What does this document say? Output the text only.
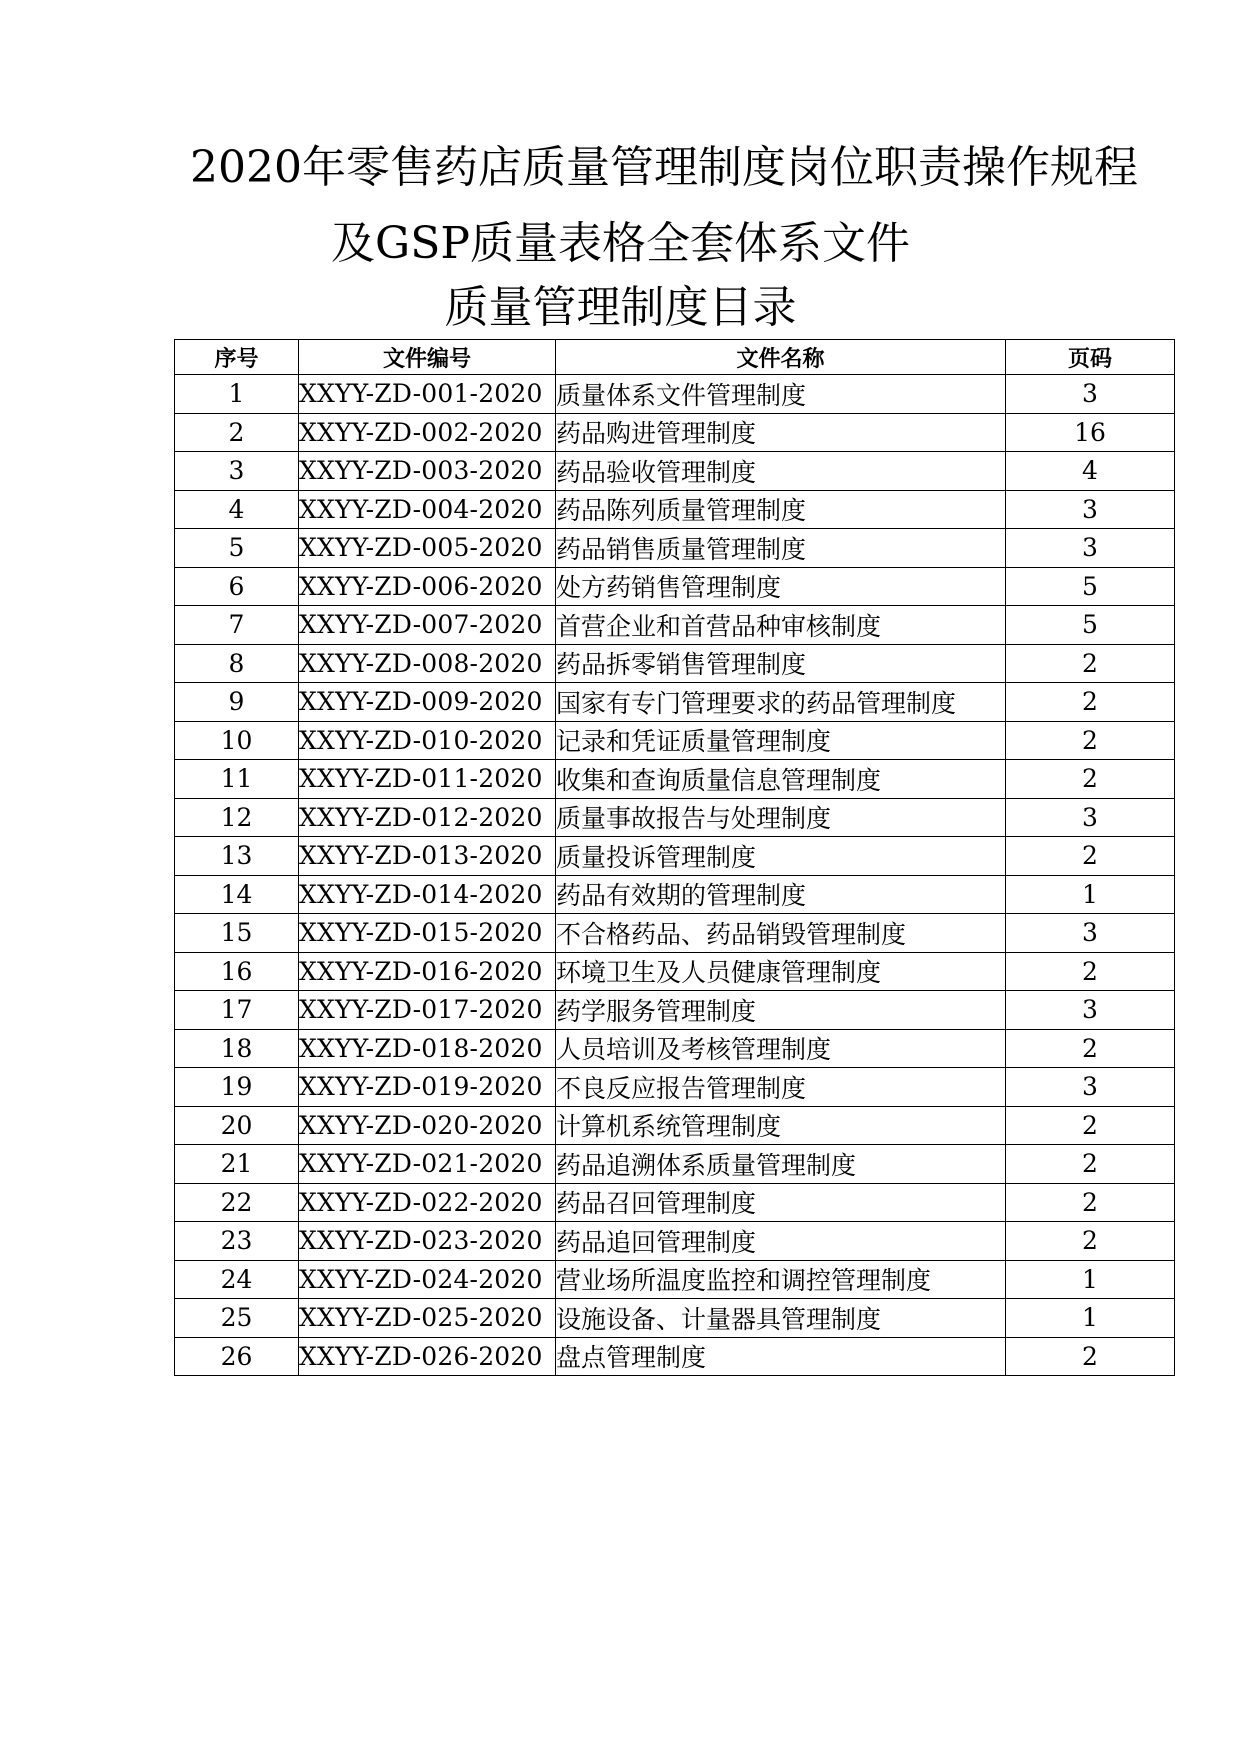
2020年零售药店质量管理制度岗位职责操作规程
及GSP质量表格全套体系文件
质量管理制度目录
序号	文件编号	文件名称	页码
1	XXYY-ZD-001-2020	质量体系文件管理制度	3
2	XXYY-ZD-002-2020	药品购进管理制度	16
3	XXYY-ZD-003-2020	药品验收管理制度	4
4	XXYY-ZD-004-2020	药品陈列质量管理制度	3
5	XXYY-ZD-005-2020	药品销售质量管理制度	3
6	XXYY-ZD-006-2020	处方药销售管理制度	5
7	XXYY-ZD-007-2020	首营企业和首营品种审核制度	5
8	XXYY-ZD-008-2020	药品拆零销售管理制度	2
9	XXYY-ZD-009-2020	国家有专门管理要求的药品管理制度	2
10	XXYY-ZD-010-2020	记录和凭证质量管理制度	2
11	XXYY-ZD-011-2020	收集和查询质量信息管理制度	2
12	XXYY-ZD-012-2020	质量事故报告与处理制度	3
13	XXYY-ZD-013-2020	质量投诉管理制度	2
14	XXYY-ZD-014-2020	药品有效期的管理制度	1
15	XXYY-ZD-015-2020	不合格药品、药品销毁管理制度	3
16	XXYY-ZD-016-2020	环境卫生及人员健康管理制度	2
17	XXYY-ZD-017-2020	药学服务管理制度	3
18	XXYY-ZD-018-2020	人员培训及考核管理制度	2
19	XXYY-ZD-019-2020	不良反应报告管理制度	3
20	XXYY-ZD-020-2020	计算机系统管理制度	2
21	XXYY-ZD-021-2020	药品追溯体系质量管理制度	2
22	XXYY-ZD-022-2020	药品召回管理制度	2
23	XXYY-ZD-023-2020	药品追回管理制度	2
24	XXYY-ZD-024-2020	营业场所温度监控和调控管理制度	1
25	XXYY-ZD-025-2020	设施设备、计量器具管理制度	1
26	XXYY-ZD-026-2020	盘点管理制度	2
